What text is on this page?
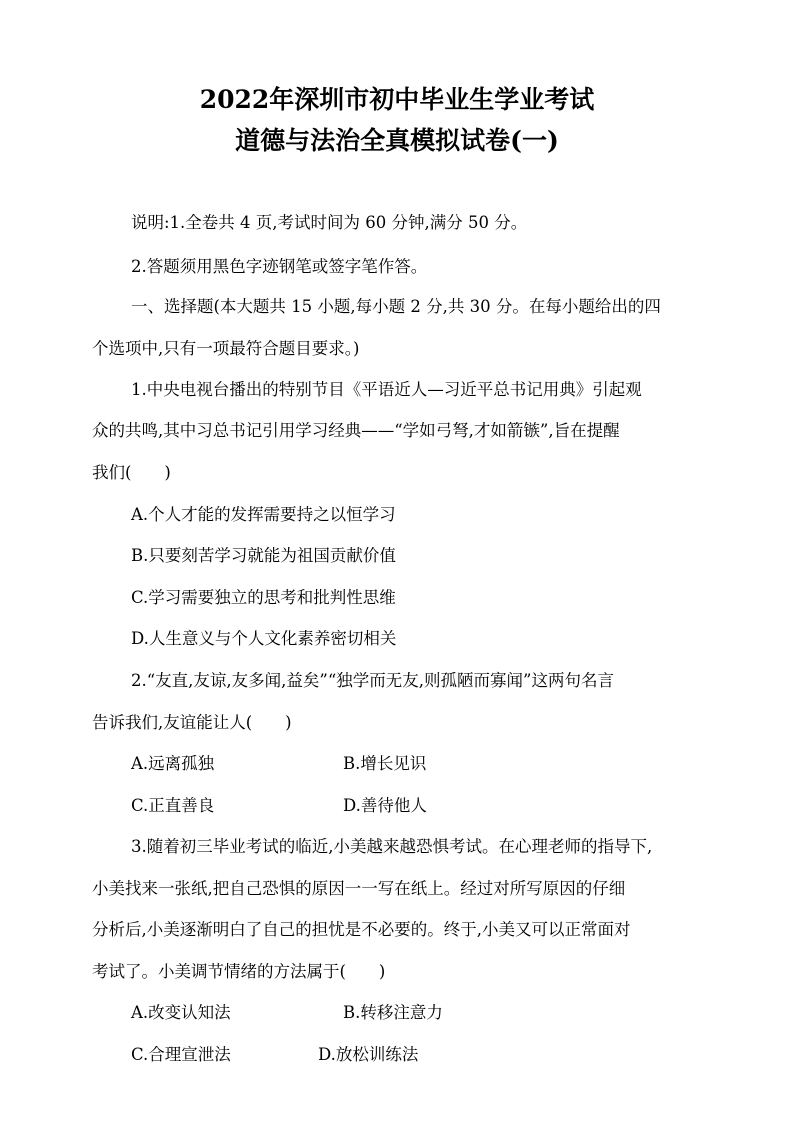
2022年深圳市初中毕业生学业考试
道德与法治全真模拟试卷(一)
说明:1.全卷共 4 页,考试时间为 60 分钟,满分 50 分。
2.答题须用黑色字迹钢笔或签字笔作答。
一、选择题(本大题共 15 小题,每小题 2 分,共 30 分。在每小题给出的四
个选项中,只有一项最符合题目要求。)
1.中央电视台播出的特别节目《平语近人—习近平总书记用典》引起观
众的共鸣,其中习总书记引用学习经典——“学如弓弩,才如箭镞”,旨在提醒
我们(　　)
A.个人才能的发挥需要持之以恒学习
B.只要刻苦学习就能为祖国贡献价值
C.学习需要独立的思考和批判性思维
D.人生意义与个人文化素养密切相关
2.“友直,友谅,友多闻,益矣”“独学而无友,则孤陋而寡闻”这两句名言
告诉我们,友谊能让人(　　)
A.远离孤独	B.增长见识
C.正直善良	D.善待他人
3.随着初三毕业考试的临近,小美越来越恐惧考试。在心理老师的指导下,
小美找来一张纸,把自己恐惧的原因一一写在纸上。经过对所写原因的仔细
分析后,小美逐渐明白了自己的担忧是不必要的。终于,小美又可以正常面对
考试了。小美调节情绪的方法属于(　　)
A.改变认知法	B.转移注意力
C.合理宣泄法	D.放松训练法
